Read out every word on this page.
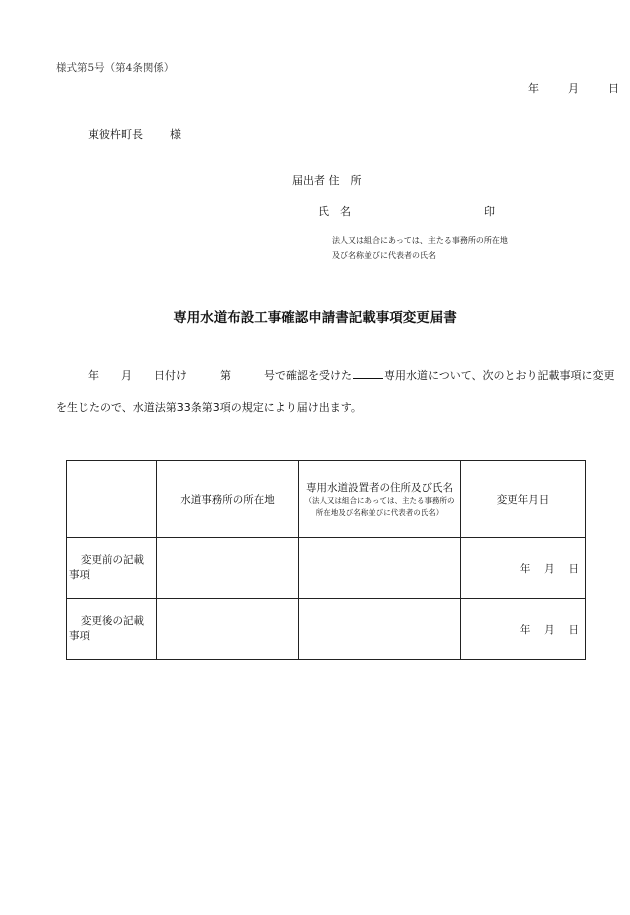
様式第5号（第4条関係）
年	月	日
東彼杵町長 様
届出者 住　所
氏　名	印
法人又は組合にあっては、主たる事務所の所在地
及び名称並びに代表者の氏名
専用水道布設工事確認申請書記載事項変更届書
年　　月　　日付け　　　第　　　号で確認を受けた	専用水道について、次のとおり記載事項に変更
を生じたので、水道法第33条第3項の規定により届け出ます。
	水道事務所の所在地	専用水道設置者の住所及び氏名
（法人又は組合にあっては、主たる事務所の
所在地及び名称並びに代表者の氏名）	変更年月日

変更前の記載
事項			年　 月　 日

変更後の記載
事項			年　 月　 日
